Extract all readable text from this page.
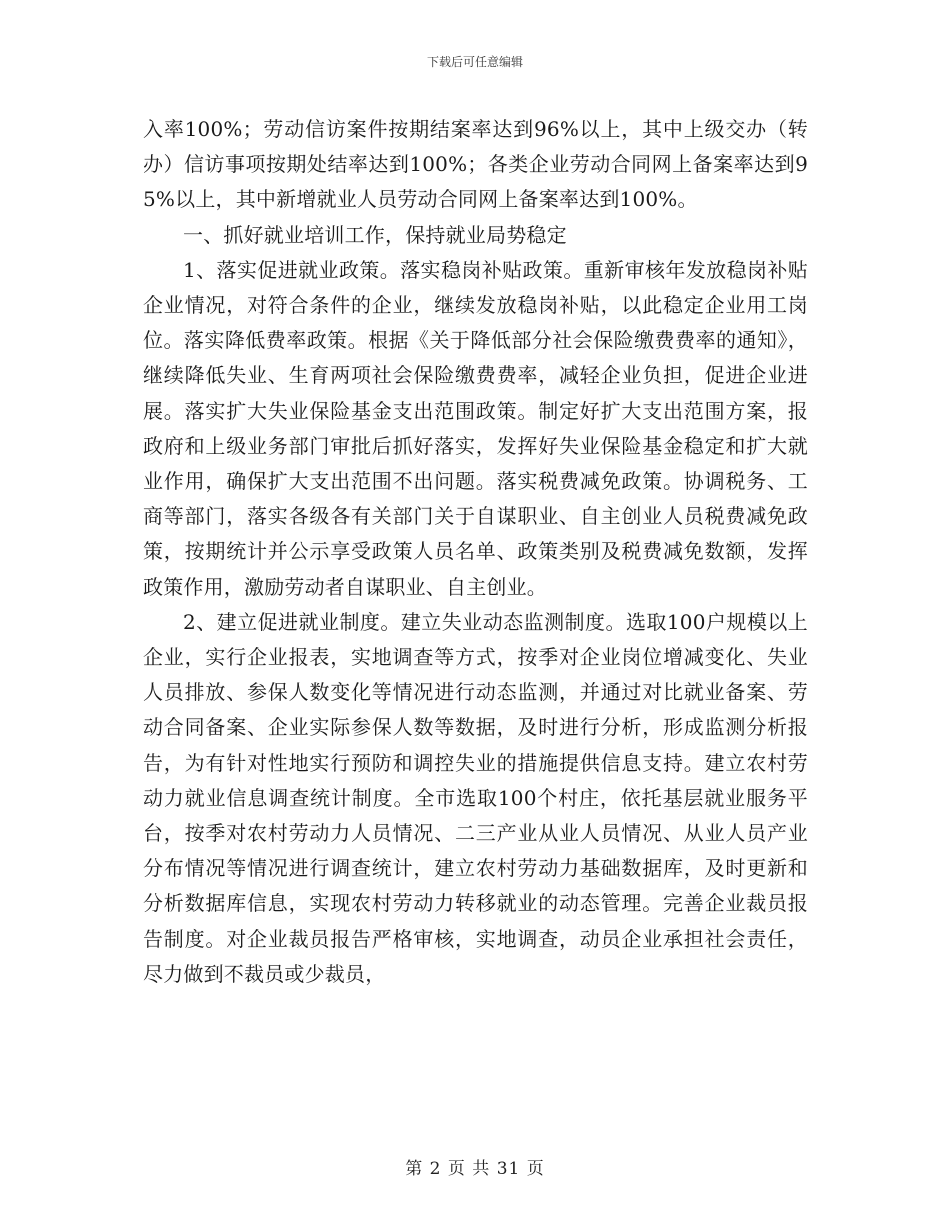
下载后可任意编辑

入率100%；劳动信访案件按期结案率达到96%以上，其中上级交办（转办）信访事项按期处结率达到100%；各类企业劳动合同网上备案率达到95%以上，其中新增就业人员劳动合同网上备案率达到100%。

一、抓好就业培训工作，保持就业局势稳定

1、落实促进就业政策。落实稳岗补贴政策。重新审核年发放稳岗补贴企业情况，对符合条件的企业，继续发放稳岗补贴，以此稳定企业用工岗位。落实降低费率政策。根据《关于降低部分社会保险缴费费率的通知》，继续降低失业、生育两项社会保险缴费费率，减轻企业负担，促进企业进展。落实扩大失业保险基金支出范围政策。制定好扩大支出范围方案，报政府和上级业务部门审批后抓好落实，发挥好失业保险基金稳定和扩大就业作用，确保扩大支出范围不出问题。落实税费减免政策。协调税务、工商等部门，落实各级各有关部门关于自谋职业、自主创业人员税费减免政策，按期统计并公示享受政策人员名单、政策类别及税费减免数额，发挥政策作用，激励劳动者自谋职业、自主创业。

2、建立促进就业制度。建立失业动态监测制度。选取100户规模以上企业，实行企业报表，实地调查等方式，按季对企业岗位增减变化、失业人员排放、参保人数变化等情况进行动态监测，并通过对比就业备案、劳动合同备案、企业实际参保人数等数据，及时进行分析，形成监测分析报告，为有针对性地实行预防和调控失业的措施提供信息支持。建立农村劳动力就业信息调查统计制度。全市选取100个村庄，依托基层就业服务平台，按季对农村劳动力人员情况、二三产业从业人员情况、从业人员产业分布情况等情况进行调查统计，建立农村劳动力基础数据库，及时更新和分析数据库信息，实现农村劳动力转移就业的动态管理。完善企业裁员报告制度。对企业裁员报告严格审核，实地调查，动员企业承担社会责任，尽力做到不裁员或少裁员，

第 2 页 共 31 页
